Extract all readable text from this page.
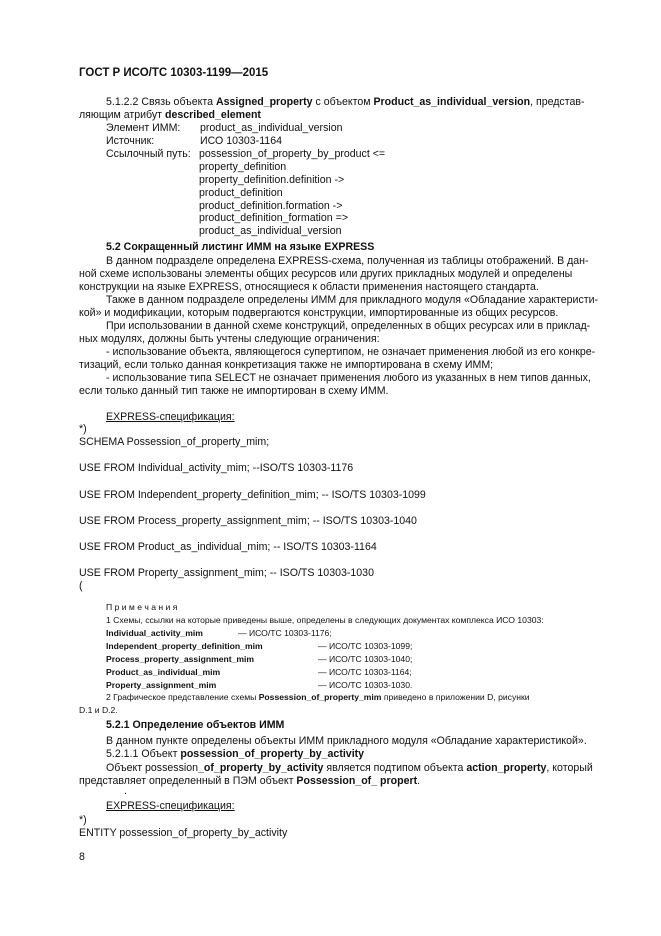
ГОСТ Р ИСО/ТС 10303-1199—2015
5.1.2.2 Связь объекта Assigned_property с объектом Product_as_individual_version, представ-
ляющим атрибут described_element
Элемент ИММ: product_as_individual_version
Источник:	ИСО 10303-1164
Ссылочный путь: possession_of_property_by_product <=
property_definition
property_definition.definition ->
product_definition
product_definition.formation ->
product_definition_formation =>
product_as_individual_version
5.2 Сокращенный листинг ИММ на языке EXPRESS
В данном подразделе определена EXPRESS-схема, полученная из таблицы отображений. В дан-
ной схеме использованы элементы общих ресурсов или других прикладных модулей и определены
конструкции на языке EXPRESS, относящиеся к области применения настоящего стандарта.
Также в данном подразделе определены ИММ для прикладного модуля «Обладание характеристи-
кой» и модификации, которым подвергаются конструкции, импортированные из общих ресурсов.
При использовании в данной схеме конструкций, определенных в общих ресурсах или в приклад-
ных модулях, должны быть учтены следующие ограничения:
- использование объекта, являющегося супертипом, не означает применения любой из его конкре-
тизаций, если только данная конкретизация также не импортирована в схему ИММ;
- использование типа SELECT не означает применения любого из указанных в нем типов данных,
если только данный тип также не импортирован в схему ИММ.
EXPRESS-спецификация:
*)
SCHEMA Possession_of_property_mim;
USE FROM Individual_activity_mim; --ISO/TS 10303-1176
USE FROM Independent_property_definition_mim; -- ISO/TS 10303-1099
USE FROM Process_property_assignment_mim; -- ISO/TS 10303-1040
USE FROM Product_as_individual_mim; -- ISO/TS 10303-1164
USE FROM Property_assignment_mim; -- ISO/TS 10303-1030
(
П р и м е ч а н и я
1 Схемы, ссылки на которые приведены выше, определены в следующих документах комплекса ИСО 10303:
Individual_activity_mim	— ИСО/ТС 10303-1176;
Independent_property_definition_mim	— ИСО/ТС 10303-1099;
Process_property_assignment_mim	— ИСО/ТС 10303-1040;
Product_as_individual_mim	— ИСО/ТС 10303-1164;
Property_assignment_mim	— ИСО/ТС 10303-1030.
2 Графическое представление схемы Possession_of_property_mim приведено в приложении D, рисунки
D.1 и D.2.
5.2.1 Определение объектов ИММ
В данном пункте определены объекты ИММ прикладного модуля «Обладание характеристикой».
5.2.1.1 Объект possession_of_property_by_activity
Объект possession_of_property_by_activity является подтипом объекта action_property, который
представляет определенный в ПЭМ объект Possession_of_ propert.
.
EXPRESS-спецификация:
*)
ENTITY possession_of_property_by_activity
8
